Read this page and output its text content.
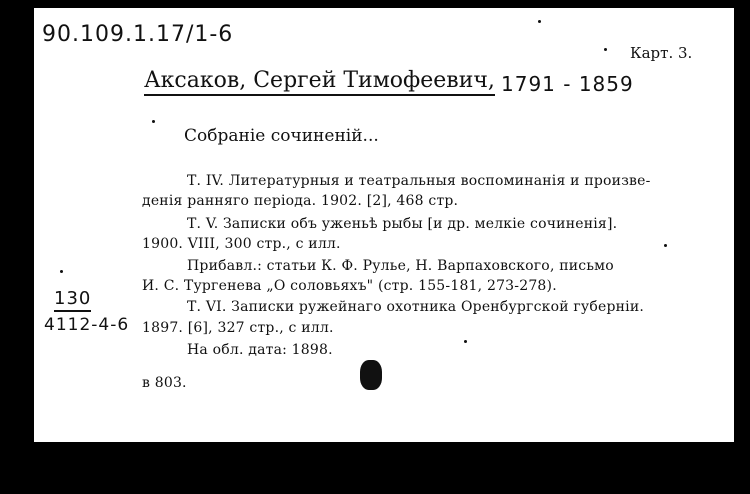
90.109.1.17/1-6
Карт. 3.
Аксаков, Сергей Тимофеевич, 1791 - 1859
Собраніе сочиненій...
Т. IV. Литературныя и театральныя воспоминанія и произве-
денія ранняго періода. 1902. [2], 468 стр.
Т. V. Записки объ уженьѣ рыбы [и др. мелкіе сочиненія].
1900. VIII, 300 стр., с илл.
Прибавл.: статьи К. Ф. Рулье, Н. Варпаховского, письмо
И. С. Тургенева „О соловьяхъ" (стр. 155-181, 273-278).
Т. VI. Записки ружейнаго охотника Оренбургской губерніи.
1897. [6], 327 стр., с илл.
На обл. дата: 1898.
130
4112-4-6
в 803.
